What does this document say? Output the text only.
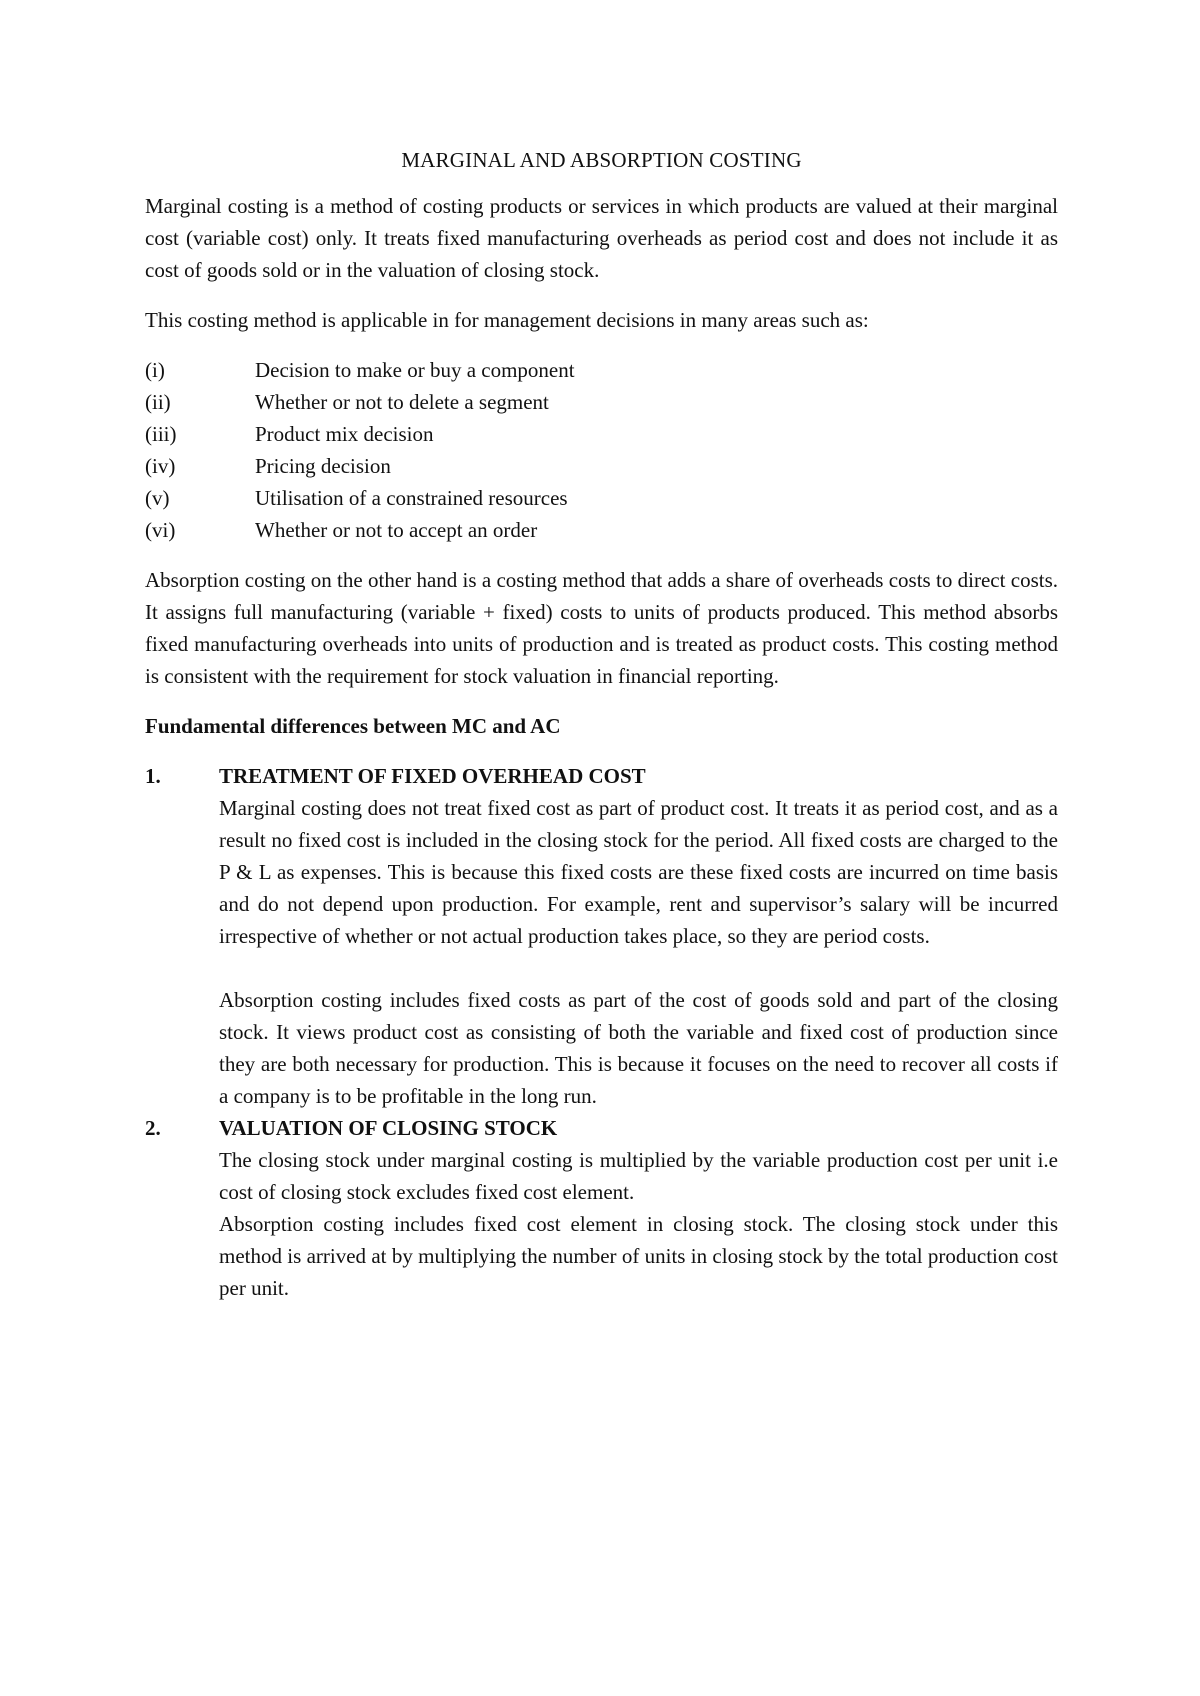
MARGINAL AND ABSORPTION COSTING

Marginal costing is a method of costing products or services in which products are valued at their marginal cost (variable cost) only. It treats fixed manufacturing overheads as period cost and does not include it as cost of goods sold or in the valuation of closing stock.

This costing method is applicable in for management decisions in many areas such as:

(i)	Decision to make or buy a component
(ii)	Whether or not to delete a segment
(iii)	Product mix decision
(iv)	Pricing decision
(v)	Utilisation of a constrained resources
(vi)	Whether or not to accept an order

Absorption costing on the other hand is a costing method that adds a share of overheads costs to direct costs. It assigns full manufacturing (variable + fixed) costs to units of products produced. This method absorbs fixed manufacturing overheads into units of production and is treated as product costs. This costing method is consistent with the requirement for stock valuation in financial reporting.

Fundamental differences between MC and AC

1.	TREATMENT OF FIXED OVERHEAD COST

Marginal costing does not treat fixed cost as part of product cost. It treats it as period cost, and as a result no fixed cost is included in the closing stock for the period. All fixed costs are charged to the P & L as expenses. This is because this fixed costs are these fixed costs are incurred on time basis and do not depend upon production. For example, rent and supervisor’s salary will be incurred irrespective of whether or not actual production takes place, so they are period costs.

Absorption costing includes fixed costs as part of the cost of goods sold and part of the closing stock. It views product cost as consisting of both the variable and fixed cost of production since they are both necessary for production. This is because it focuses on the need to recover all costs if a company is to be profitable in the long run.

2.	VALUATION OF CLOSING STOCK

The closing stock under marginal costing is multiplied by the variable production cost per unit i.e cost of closing stock excludes fixed cost element.

Absorption costing includes fixed cost element in closing stock. The closing stock under this method is arrived at by multiplying the number of units in closing stock by the total production cost per unit.
